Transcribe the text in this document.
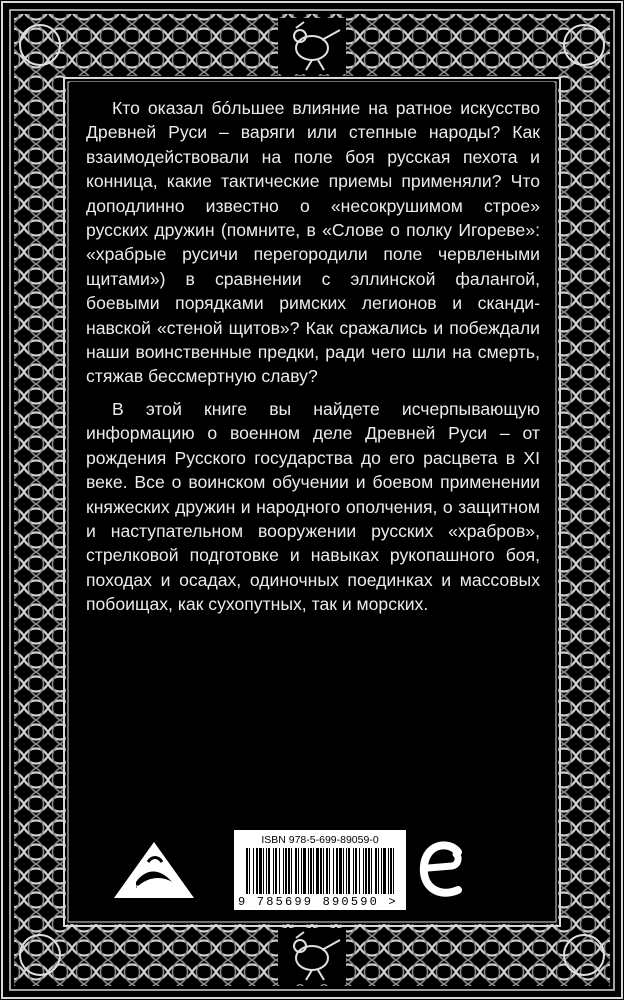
Кто оказал бóльшее влияние на ратное искусство Древней Руси – варяги или степные народы? Как взаимодействовали на поле боя русская пехота и конница, какие тактические приемы применяли? Что доподлинно известно о «несокрушимом строе» русских дружин (помните, в «Слове о полку Игореве»: «храбрые русичи перегородили поле червлеными щитами») в сравнении с эллинской фалангой, боевыми порядками римских легионов и скандинавской «стеной щитов»? Как сражались и побеждали наши воинственные предки, ради чего шли на смерть, стяжав бессмертную славу?

В этой книге вы найдете исчерпывающую информацию о военном деле Древней Руси – от рождения Русского государства до его расцвета в XI веке. Все о воинском обучении и боевом применении княжеских дружин и народного ополчения, о защитном и наступательном вооружении русских «храбров», стрелковой подготовке и навыках рукопашного боя, походах и осадах, одиночных поединках и массовых побоищах, как сухопутных, так и морских.

ЯУЗА
ISBN 978-5-699-89059-0
9 785699 890590 >
